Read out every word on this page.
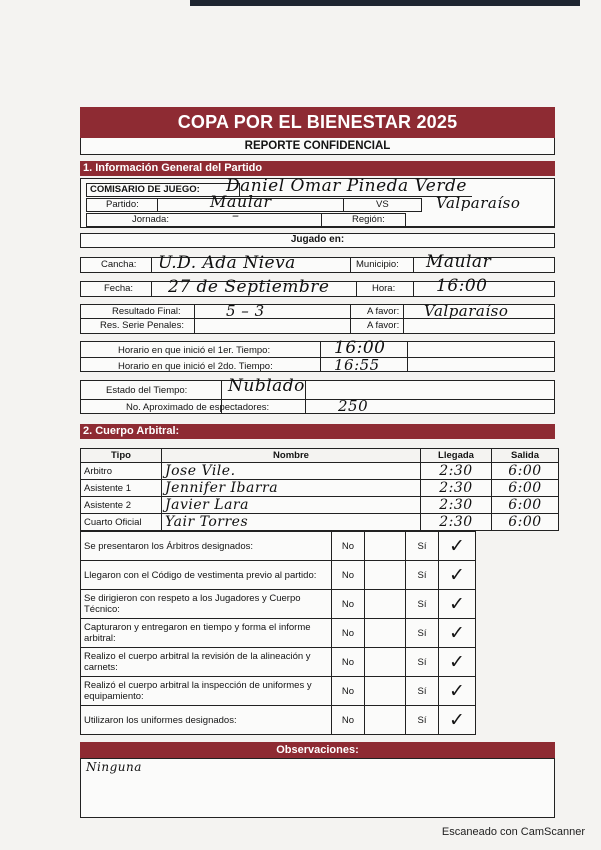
COPA POR EL BIENESTAR 2025
REPORTE CONFIDENCIAL
1. Información General del Partido
COMISARIO DE JUEGO: Daniel Omar Pineda Verde
Partido:	Maular	VS	Valparaíso
Jornada:	–	Región:
Jugado en:
Cancha: U.D. Ada Nieva	Municipio: Maular
Fecha: 27 de Septiembre	Hora: 16:00
Resultado Final:	5 – 3	A favor: Valparaíso
Res. Serie Penales:	A favor:
Horario en que inició el 1er. Tiempo:	16:00
Horario en que inició el 2do. Tiempo:	16:55
Estado del Tiempo: Nublado
No. Aproximado de espectadores:	250
2. Cuerpo Arbitral:
Tipo	Nombre	Llegada	Salida
Arbitro	Jose Vile.	2:30	6:00
Asistente 1	Jennifer Ibarra	2:30	6:00
Asistente 2	Javier Lara	2:30	6:00
Cuarto Oficial	Yair Torres	2:30	6:00
Se presentaron los Árbitros designados:	No		Sí	✓
Llegaron con el Código de vestimenta previo al partido:	No		Sí	✓
Se dirigieron con respeto a los Jugadores y Cuerpo Técnico:	No		Sí	✓
Capturaron y entregaron en tiempo y forma el informe arbitral:	No		Sí	✓
Realizo el cuerpo arbitral la revisión de la alineación y carnets:	No		Sí	✓
Realizó el cuerpo arbitral la inspección de uniformes y equipamiento:	No		Sí	✓
Utilizaron los uniformes designados:	No		Sí	✓
Observaciones:
Ninguna
Escaneado con CamScanner
